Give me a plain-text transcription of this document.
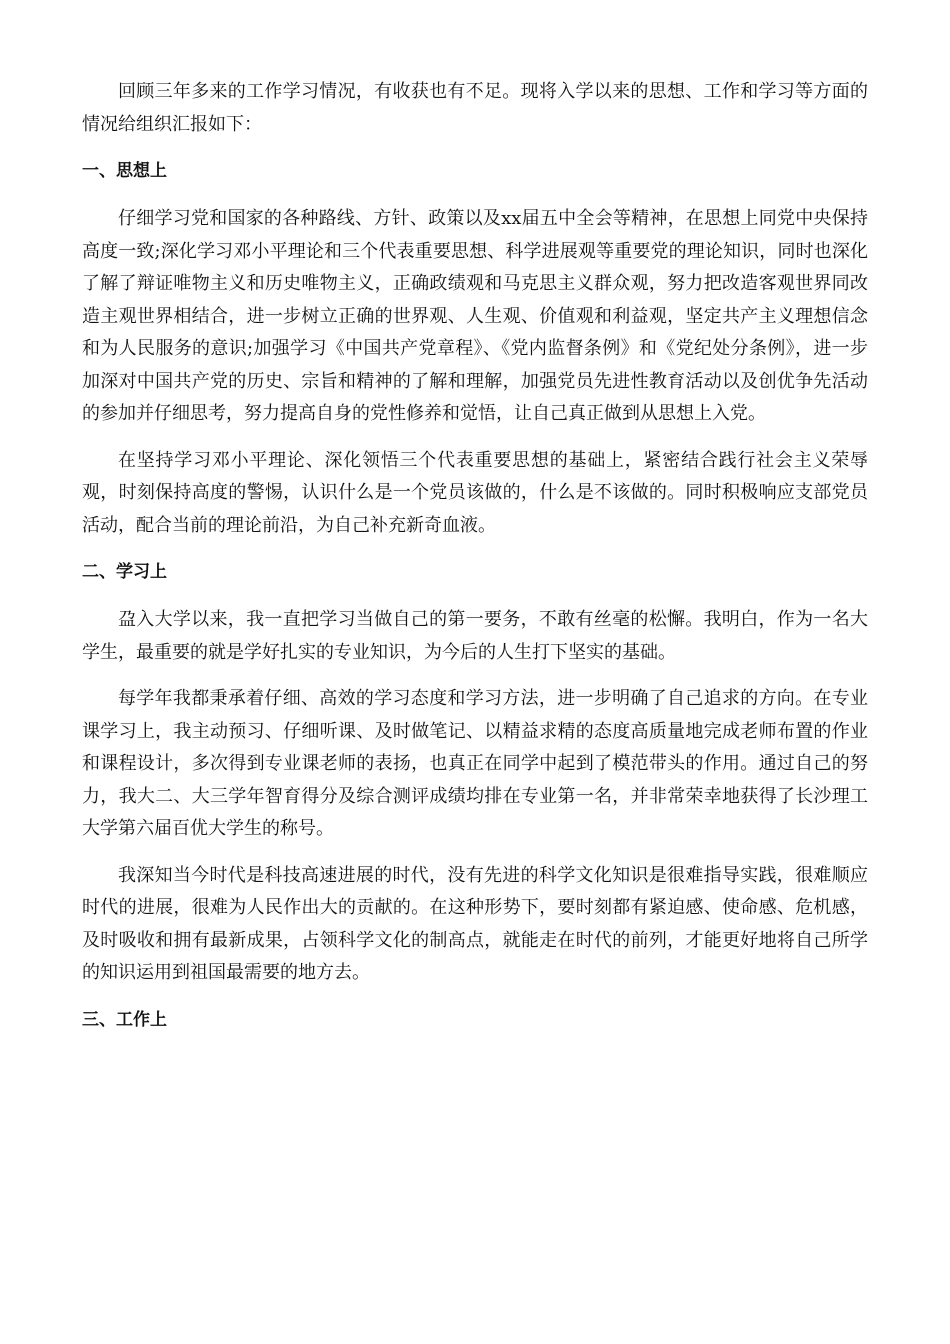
回顾三年多来的工作学习情况，有收获也有不足。现将入学以来的思想、工作和学习等方面的情况给组织汇报如下：

一、思想上

仔细学习党和国家的各种路线、方针、政策以及xx届五中全会等精神，在思想上同党中央保持高度一致;深化学习邓小平理论和三个代表重要思想、科学进展观等重要党的理论知识，同时也深化了解了辩证唯物主义和历史唯物主义，正确政绩观和马克思主义群众观，努力把改造客观世界同改造主观世界相结合，进一步树立正确的世界观、人生观、价值观和利益观，坚定共产主义理想信念和为人民服务的意识;加强学习《中国共产党章程》、《党内监督条例》和《党纪处分条例》，进一步加深对中国共产党的历史、宗旨和精神的了解和理解，加强党员先进性教育活动以及创优争先活动的参加并仔细思考，努力提高自身的党性修养和觉悟，让自己真正做到从思想上入党。

在坚持学习邓小平理论、深化领悟三个代表重要思想的基础上，紧密结合践行社会主义荣辱观，时刻保持高度的警惕，认识什么是一个党员该做的，什么是不该做的。同时积极响应支部党员活动，配合当前的理论前沿，为自己补充新奇血液。

二、学习上

盁入大学以来，我一直把学习当做自己的第一要务，不敢有丝毫的松懈。我明白，作为一名大学生，最重要的就是学好扎实的专业知识，为今后的人生打下坚实的基础。

每学年我都秉承着仔细、高效的学习态度和学习方法，进一步明确了自己追求的方向。在专业课学习上，我主动预习、仔细听课、及时做笔记、以精益求精的态度高质量地完成老师布置的作业和课程设计，多次得到专业课老师的表扬，也真正在同学中起到了模范带头的作用。通过自己的努力，我大二、大三学年智育得分及综合测评成绩均排在专业第一名，并非常荣幸地获得了长沙理工大学第六届百优大学生的称号。

我深知当今时代是科技高速进展的时代，没有先进的科学文化知识是很难指导实践，很难顺应时代的进展，很难为人民作出大的贡献的。在这种形势下，要时刻都有紧迫感、使命感、危机感，及时吸收和拥有最新成果，占领科学文化的制高点，就能走在时代的前列，才能更好地将自己所学的知识运用到祖国最需要的地方去。

三、工作上
